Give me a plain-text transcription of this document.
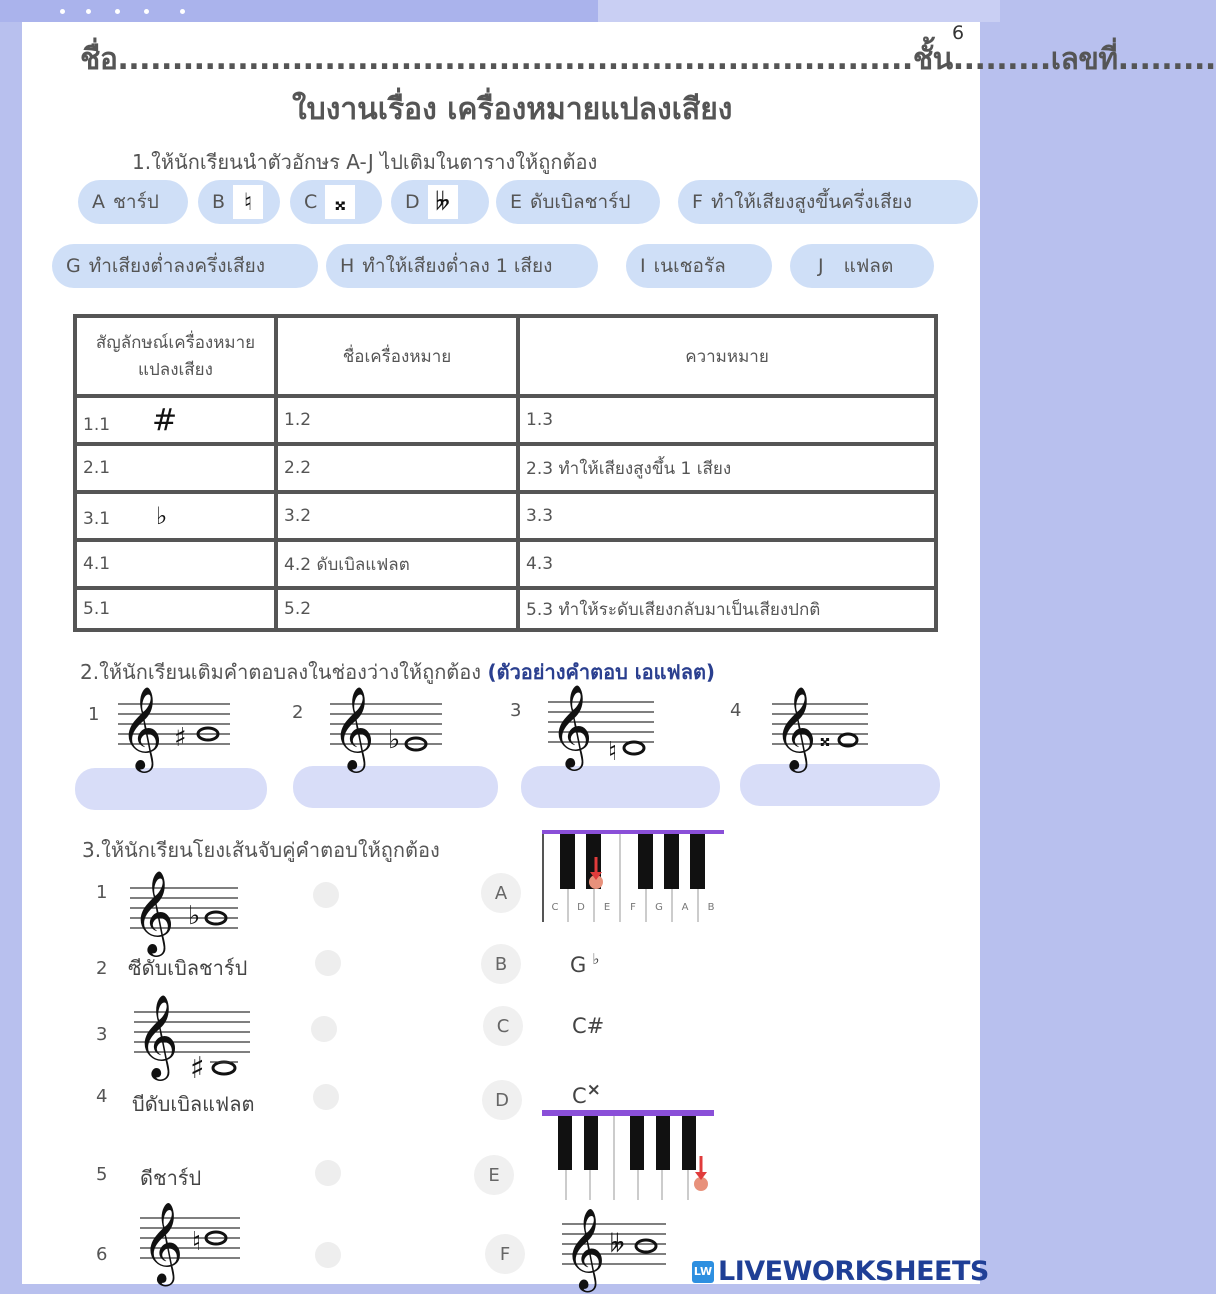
6
ชื่อ.........................................................................ชั้น.........เลขที่.........
ใบงานเรื่อง เครื่องหมายแปลงเสียง
1.ให้นักเรียนนำตัวอักษร A-J ไปเติมในตารางให้ถูกต้อง
A ชาร์ป	B ♮	C 𝄪	D 𝄫	E ดับเบิลชาร์ป	F ทำให้เสียงสูงขึ้นครึ่งเสียง
G ทำเสียงต่ำลงครึ่งเสียง	H ทำให้เสียงต่ำลง 1 เสียง	I เนเชอรัล	J แฟลต
สัญลักษณ์เครื่องหมายแปลงเสียง	ชื่อเครื่องหมาย	ความหมาย
1.1 #	1.2	1.3
2.1	2.2	2.3 ทำให้เสียงสูงขึ้น 1 เสียง
3.1 ♭	3.2	3.3
4.1	4.2 ดับเบิลแฟลต	4.3
5.1	5.2	5.3 ทำให้ระดับเสียงกลับมาเป็นเสียงปกติ
2.ให้นักเรียนเติมคำตอบลงในช่องว่างให้ถูกต้อง (ตัวอย่างคำตอบ เอแฟลต)
1	2	3	4
3.ให้นักเรียนโยงเส้นจับคู่คำตอบให้ถูกต้อง
1
2 ซีดับเบิลชาร์ป
3
4 บีดับเบิลแฟลต
5 ดีชาร์ป
6
A
B
C
D
E
F
G ♭
C#
C×
C D E F G A B
𝄞 ♯ 𝄞 ♭ 𝄞 ♮ 𝄞 𝄪
𝄞 ♭
𝄞 ♯
𝄞 ♮	𝄞 𝄫
LW LIVEWORKSHEETS
